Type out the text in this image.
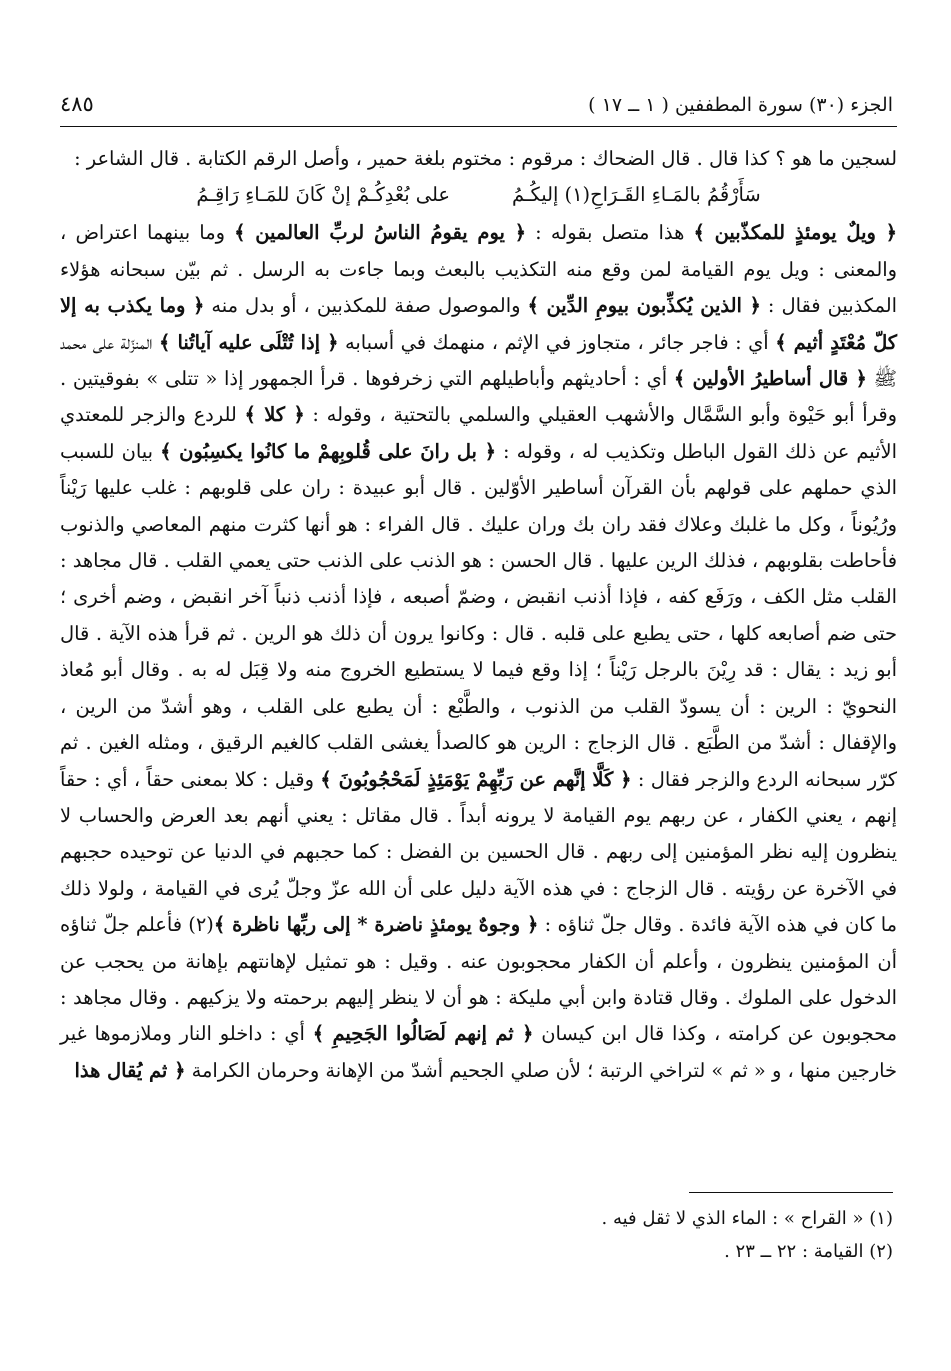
الجزء (٣٠) سورة المطففين ( ١ ــ ١٧ )
٤٨٥

لسجين ما هو ؟ كذا قال . قال الضحاك : مرقوم : مختوم بلغة حمير ، وأصل الرقم الكتابة . قال الشاعر :

سَأَرْقُمُ بالمَـاءِ القَـرَاحِ(١) إليكُـمُ
على بُعْدِكُـمْ إنْ كَانَ للمَـاءِ رَاقِـمُ

﴿ ويلٌ يومئذٍ للمكذّبين ﴾ هذا متصل بقوله : ﴿ يوم يقومُ الناسُ لربِّ العالمين ﴾ وما بينهما اعتراض ، والمعنى : ويل يوم القيامة لمن وقع منه التكذيب بالبعث وبما جاءت به الرسل . ثم بيّن سبحانه هؤلاء المكذبين فقال : ﴿ الذين يُكذِّبون بيومِ الدِّين ﴾ والموصول صفة للمكذبين ، أو بدل منه ﴿ وما يكذب به إلا كلّ مُعْتَدٍ أثيم ﴾ أي : فاجر جائر ، متجاوز في الإثم ، منهمك في أسبابه ﴿ إذا تُتْلَى عليه آياتُنا ﴾ المنزّلة على محمد ﷺ ﴿ قال أساطيرُ الأولين ﴾ أي : أحاديثهم وأباطيلهم التي زخرفوها . قرأ الجمهور إذا « تتلى » بفوقيتين . وقرأ أبو حَيْوة وأبو السَّمَّال والأشهب العقيلي والسلمي بالتحتية ، وقوله : ﴿ كلا ﴾ للردع والزجر للمعتدي الأثيم عن ذلك القول الباطل وتكذيب له ، وقوله : ﴿ بل رانَ على قُلوبِهمْ ما كانُوا يكسِبُون ﴾ بيان للسبب الذي حملهم على قولهم بأن القرآن أساطير الأوّلين . قال أبو عبيدة : ران على قلوبهم : غلب عليها رَيْناً ورُيُوناً ، وكل ما غلبك وعلاك فقد ران بك وران عليك . قال الفراء : هو أنها كثرت منهم المعاصي والذنوب فأحاطت بقلوبهم ، فذلك الرين عليها . قال الحسن : هو الذنب على الذنب حتى يعمي القلب . قال مجاهد : القلب مثل الكف ، ورَفَع كفه ، فإذا أذنب انقبض ، وضمّ أصبعه ، فإذا أذنب ذنباً آخر انقبض ، وضم أخرى ؛ حتى ضم أصابعه كلها ، حتى يطبع على قلبه . قال : وكانوا يرون أن ذلك هو الرين . ثم قرأ هذه الآية . قال أبو زيد : يقال : قد رِيْنَ بالرجل رَيْناً ؛ إذا وقع فيما لا يستطيع الخروج منه ولا قِبَل له به . وقال أبو مُعاذ النحويّ : الرين : أن يسودّ القلب من الذنوب ، والطَّبْع : أن يطبع على القلب ، وهو أشدّ من الرين ، والإقفال : أشدّ من الطَّبَع . قال الزجاج : الرين هو كالصدأ يغشى القلب كالغيم الرقيق ، ومثله الغين . ثم كرّر سبحانه الردع والزجر فقال : ﴿ كَلَّا إنَّهم عن رَبِّهِمْ يَوْمَئِذٍ لَمَحْجُوبُونَ ﴾ وقيل : كلا بمعنى حقاً ، أي : حقاً إنهم ، يعني الكفار ، عن ربهم يوم القيامة لا يرونه أبداً . قال مقاتل : يعني أنهم بعد العرض والحساب لا ينظرون إليه نظر المؤمنين إلى ربهم . قال الحسين بن الفضل : كما حجبهم في الدنيا عن توحيده حجبهم في الآخرة عن رؤيته . قال الزجاج : في هذه الآية دليل على أن الله عزّ وجلّ يُرى في القيامة ، ولولا ذلك ما كان في هذه الآية فائدة . وقال جلّ ثناؤه : ﴿ وجوهٌ يومئذٍ ناضرة * إلى ربِّها ناظرة ﴾(٢) فأعلم جلّ ثناؤه أن المؤمنين ينظرون ، وأعلم أن الكفار محجوبون عنه . وقيل : هو تمثيل لإهانتهم بإهانة من يحجب عن الدخول على الملوك . وقال قتادة وابن أبي مليكة : هو أن لا ينظر إليهم برحمته ولا يزكيهم . وقال مجاهد : محجوبون عن كرامته ، وكذا قال ابن كيسان ﴿ ثم إنهم لَصَالُوا الجَحِيمِ ﴾ أي : داخلو النار وملازموها غير خارجين منها ، و « ثم » لتراخي الرتبة ؛ لأن صلي الجحيم أشدّ من الإهانة وحرمان الكرامة ﴿ ثم يُقال هذا

(١) « القراح » : الماء الذي لا ثقل فيه .
(٢) القيامة : ٢٢ ــ ٢٣ .
